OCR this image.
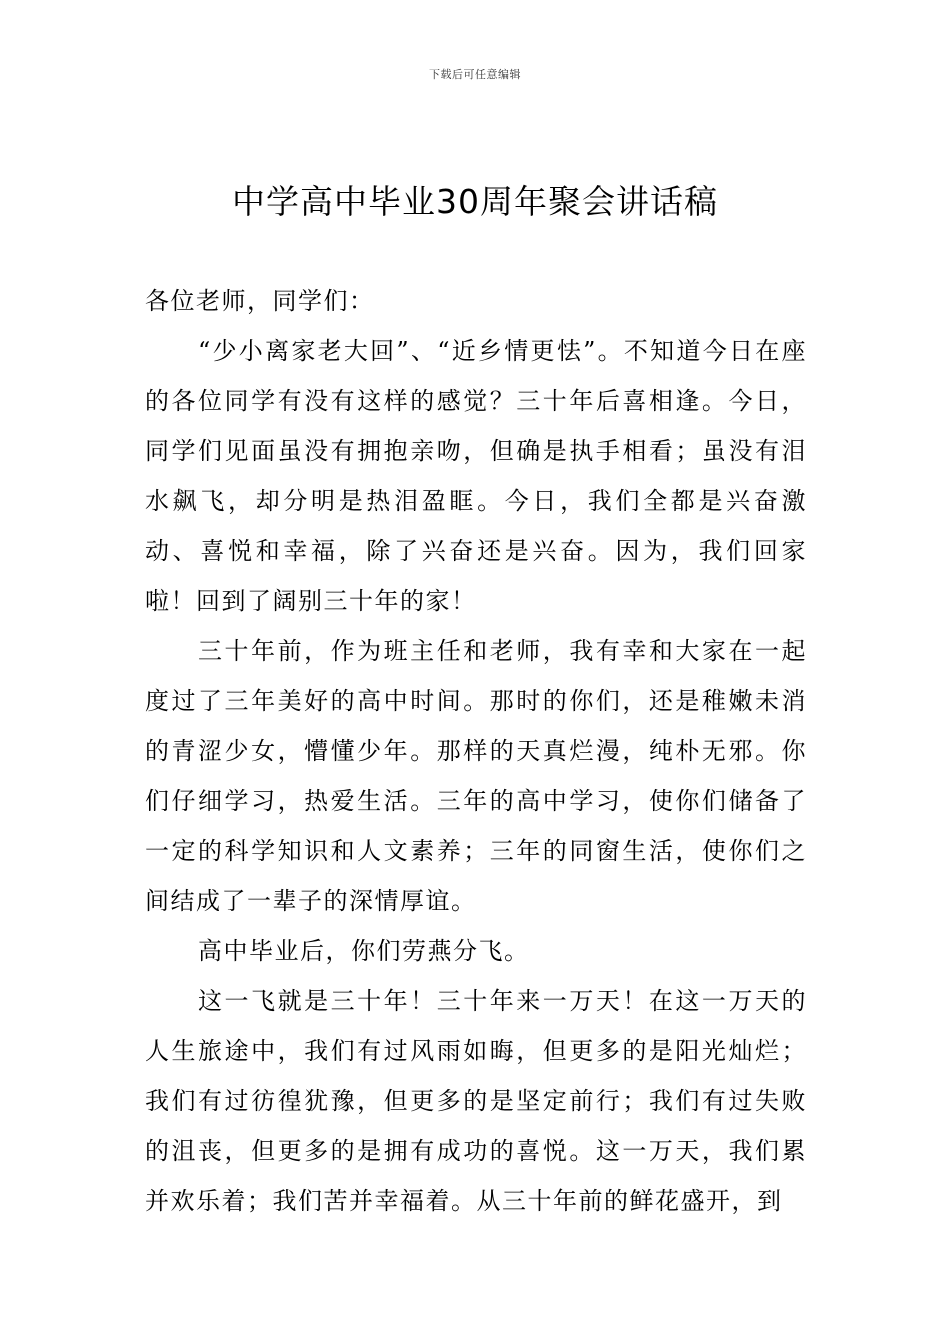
下载后可任意编辑
中学高中毕业30周年聚会讲话稿

各位老师，同学们：

“少小离家老大回”、“近乡情更怯”。不知道今日在座的各位同学有没有这样的感觉？三十年后喜相逢。今日，同学们见面虽没有拥抱亲吻，但确是执手相看；虽没有泪水飙飞，却分明是热泪盈眶。今日，我们全都是兴奋激动、喜悦和幸福，除了兴奋还是兴奋。因为，我们回家啦！回到了阔别三十年的家！

三十年前，作为班主任和老师，我有幸和大家在一起度过了三年美好的高中时间。那时的你们，还是稚嫩未消的青涩少女，懵懂少年。那样的天真烂漫，纯朴无邪。你们仔细学习，热爱生活。三年的高中学习，使你们储备了一定的科学知识和人文素养；三年的同窗生活，使你们之间结成了一辈子的深情厚谊。

高中毕业后，你们劳燕分飞。

这一飞就是三十年！三十年来一万天！在这一万天的人生旅途中，我们有过风雨如晦，但更多的是阳光灿烂；我们有过彷徨犹豫，但更多的是坚定前行；我们有过失败的沮丧，但更多的是拥有成功的喜悦。这一万天，我们累并欢乐着；我们苦并幸福着。从三十年前的鲜花盛开，到
